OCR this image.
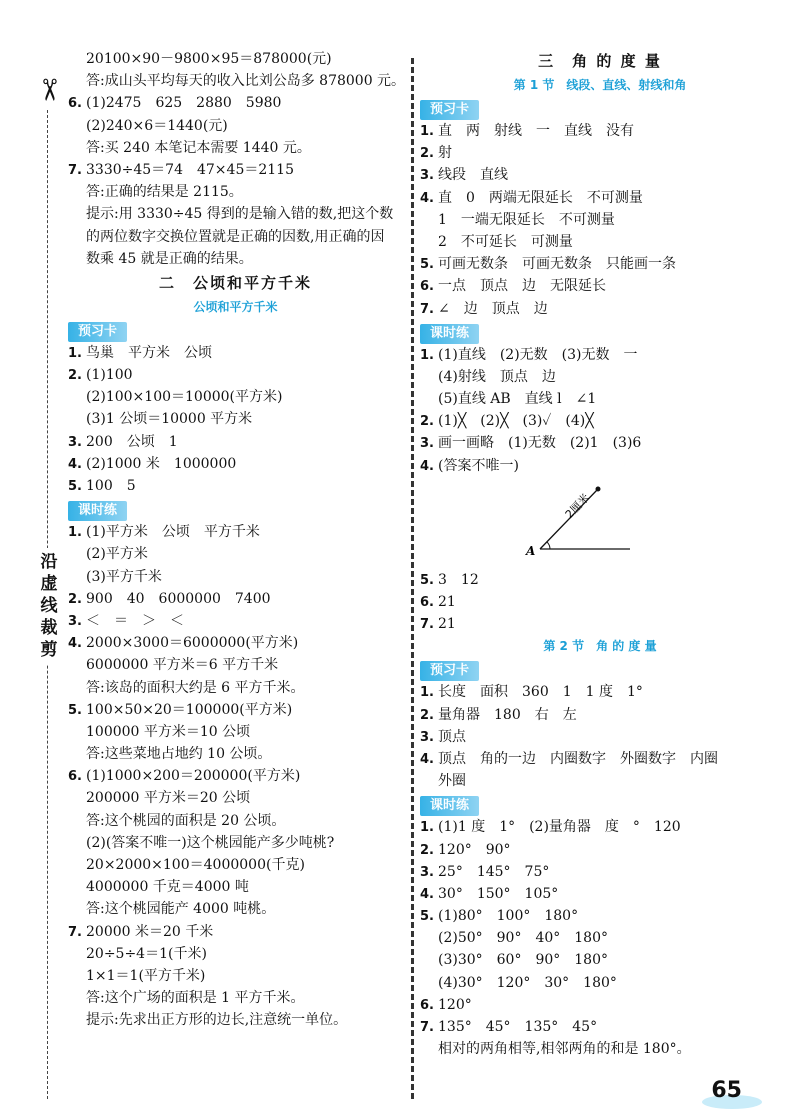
✂
沿虚线裁剪
20100×90－9800×95＝878000(元)
答:成山头平均每天的收入比刘公岛多 878000 元。
6. (1)2475　625　2880　5980
(2)240×6＝1440(元)
答:买 240 本笔记本需要 1440 元。
7. 3330÷45＝74　47×45＝2115
答:正确的结果是 2115。
提示:用 3330÷45 得到的是输入错的数,把这个数
的两位数字交换位置就是正确的因数,用正确的因
数乘 45 就是正确的结果。
二　公顷和平方千米
公顷和平方千米
预习卡
1. 鸟巢　平方米　公顷
2. (1)100
(2)100×100＝10000(平方米)
(3)1 公顷＝10000 平方米
3. 200　公顷　1
4. (2)1000 米　1000000
5. 100　5
课时练
1. (1)平方米　公顷　平方千米
(2)平方米
(3)平方千米
2. 900　40　6000000　7400
3. ＜　＝　＞　＜
4. 2000×3000＝6000000(平方米)
6000000 平方米＝6 平方千米
答:该岛的面积大约是 6 平方千米。
5. 100×50×20＝100000(平方米)
100000 平方米＝10 公顷
答:这些菜地占地约 10 公顷。
6. (1)1000×200＝200000(平方米)
200000 平方米＝20 公顷
答:这个桃园的面积是 20 公顷。
(2)(答案不唯一)这个桃园能产多少吨桃?
20×2000×100＝4000000(千克)
4000000 千克＝4000 吨
答:这个桃园能产 4000 吨桃。
7. 20000 米＝20 千米
20÷5÷4＝1(千米)
1×1＝1(平方千米)
答:这个广场的面积是 1 平方千米。
提示:先求出正方形的边长,注意统一单位。
三　角 的 度 量
第 1 节　线段、直线、射线和角
预习卡
1. 直　两　射线　一　直线　没有
2. 射
3. 线段　直线
4. 直　0　两端无限延长　不可测量
1　一端无限延长　不可测量
2　不可延长　可测量
5. 可画无数条　可画无数条　只能画一条
6. 一点　顶点　边　无限延长
7. ∠　边　顶点　边
课时练
1. (1)直线　(2)无数　(3)无数　一
(4)射线　顶点　边
(5)直线 AB　直线 l　∠1
2. (1)╳　(2)╳　(3)✓　(4)╳
3. 画一画略　(1)无数　(2)1　(3)6
4. (答案不唯一)
2厘米
A
5. 3　12
6. 21
7. 21
第 2 节　角 的 度 量
预习卡
1. 长度　面积　360　1　1 度　1°
2. 量角器　180　右　左
3. 顶点
4. 顶点　角的一边　内圈数字　外圈数字　内圈
外圈
课时练
1. (1)1 度　1°　(2)量角器　度　°　120
2. 120°　90°
3. 25°　145°　75°
4. 30°　150°　105°
5. (1)80°　100°　180°
(2)50°　90°　40°　180°
(3)30°　60°　90°　180°
(4)30°　120°　30°　180°
6. 120°
7. 135°　45°　135°　45°
相对的两角相等,相邻两角的和是 180°。
65
